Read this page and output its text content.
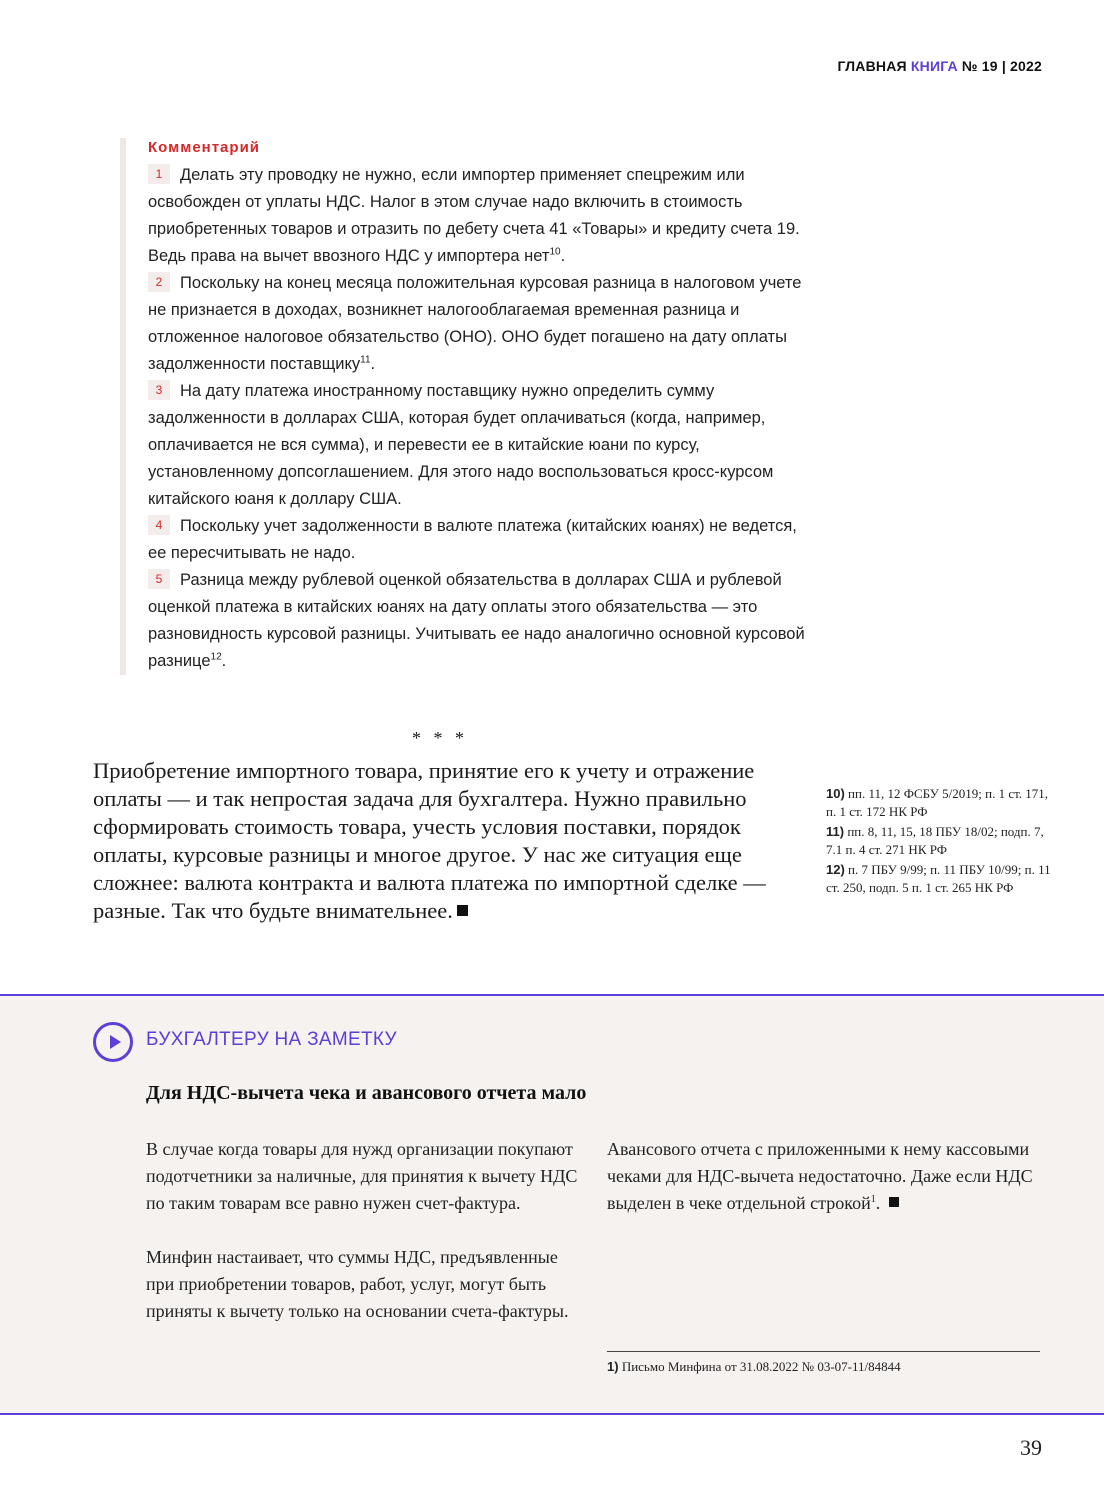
ГЛАВНАЯ КНИГА № 19 | 2022
Комментарий

1 Делать эту проводку не нужно, если импортер применяет спецрежим или освобожден от уплаты НДС. Налог в этом случае надо включить в стоимость приобретенных товаров и отразить по дебету счета 41 «Товары» и кредиту счета 19. Ведь права на вычет ввозного НДС у импортера нет$^{10}$.

2 Поскольку на конец месяца положительная курсовая разница в налоговом учете не признается в доходах, возникнет налогооблагаемая временная разница и отложенное налоговое обязательство (ОНО). ОНО будет погашено на дату оплаты задолженности поставщику$^{11}$.

3 На дату платежа иностранному поставщику нужно определить сумму задолженности в долларах США, которая будет оплачиваться (когда, например, оплачивается не вся сумма), и перевести ее в китайские юани по курсу, установленному допсоглашением. Для этого надо воспользоваться кросс-курсом китайского юаня к доллару США.

4 Поскольку учет задолженности в валюте платежа (китайских юанях) не ведется, ее пересчитывать не надо.

5 Разница между рублевой оценкой обязательства в долларах США и рублевой оценкой платежа в китайских юанях на дату оплаты этого обязательства — это разновидность курсовой разницы. Учитывать ее надо аналогично основной курсовой разнице$^{12}$.

* * *

Приобретение импортного товара, принятие его к учету и отражение оплаты — и так непростая задача для бухгалтера. Нужно правильно сформировать стоимость товара, учесть условия поставки, порядок оплаты, курсовые разницы и многое другое. У нас же ситуация еще сложнее: валюта контракта и валюта платежа по импортной сделке — разные. Так что будьте внимательнее.

10) пп. 11, 12 ФСБУ 5/2019; п. 1 ст. 171, п. 1 ст. 172 НК РФ

11) пп. 8, 11, 15, 18 ПБУ 18/02; подп. 7, 7.1 п. 4 ст. 271 НК РФ

12) п. 7 ПБУ 9/99; п. 11 ПБУ 10/99; п. 11 ст. 250, подп. 5 п. 1 ст. 265 НК РФ

БУХГАЛТЕРУ НА ЗАМЕТКУ
Для НДС-вычета чека и авансового отчета мало

В случае когда товары для нужд организации покупают подотчетники за наличные, для принятия к вычету НДС по таким товарам все равно нужен счет-фактура.

Минфин настаивает, что суммы НДС, предъявленные при приобретении товаров, работ, услуг, могут быть приняты к вычету только на основании счета-фактуры.

Авансового отчета с приложенными к нему кассовыми чеками для НДС-вычета недостаточно. Даже если НДС выделен в чеке отдельной строкой$^1$.

1) Письмо Минфина от 31.08.2022 № 03-07-11/84844
39
